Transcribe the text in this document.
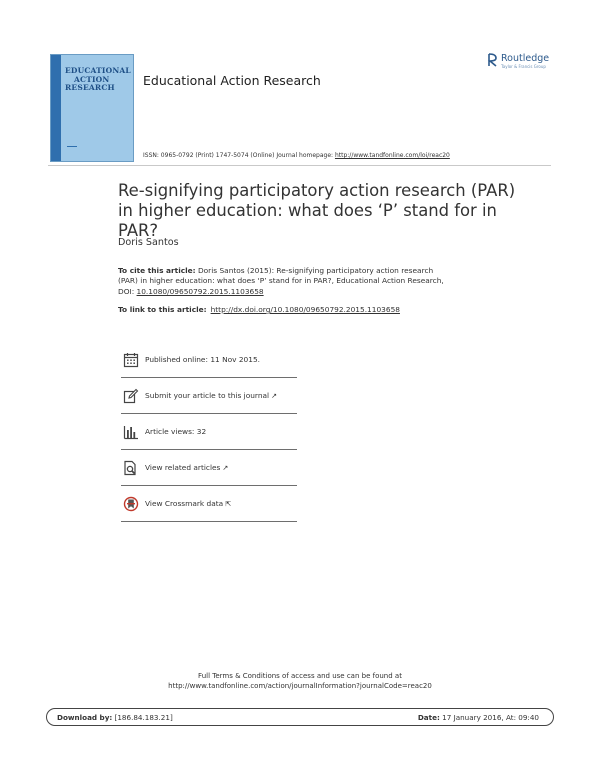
EDUCATIONAL
ACTION
RESEARCH	Educational Action Research
Routledge
Taylor & Francis Group
ISSN: 0965-0792 (Print) 1747-5074 (Online) Journal homepage: http://www.tandfonline.com/loi/reac20
Re-signifying participatory action research (PAR) in higher education: what does ‘P’ stand for in PAR?
Doris Santos
To cite this article: Doris Santos (2015): Re-signifying participatory action research (PAR) in higher education: what does ‘P’ stand for in PAR?, Educational Action Research, DOI: 10.1080/09650792.2015.1103658
To link to this article: http://dx.doi.org/10.1080/09650792.2015.1103658
Published online: 11 Nov 2015.
Submit your article to this journal ↗
Article views: 32
View related articles ↗
View Crossmark data ⇱
Full Terms & Conditions of access and use can be found at
http://www.tandfonline.com/action/journalInformation?journalCode=reac20
Download by: [186.84.183.21]	Date: 17 January 2016, At: 09:40
